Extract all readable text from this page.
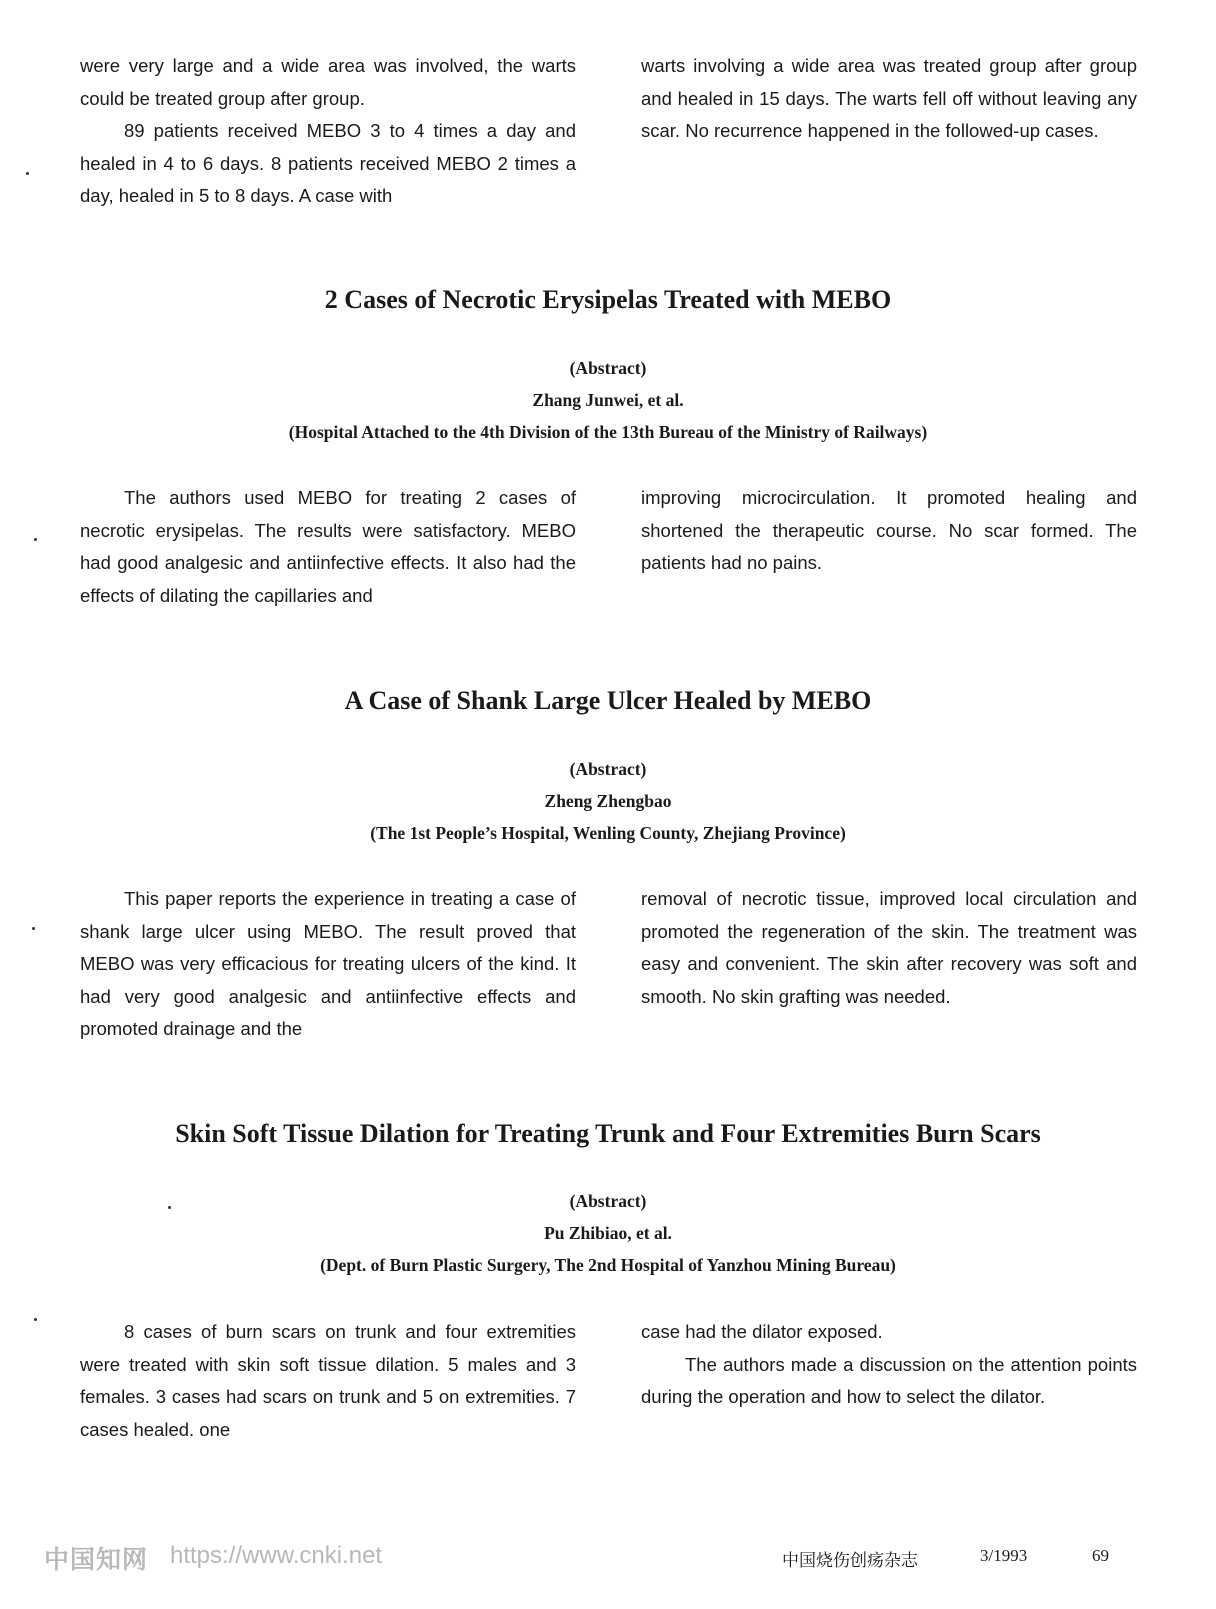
were very large and a wide area was involved, the warts could be treated group after group.

89 patients received MEBO 3 to 4 times a day and healed in 4 to 6 days. 8 patients received MEBO 2 times a day, healed in 5 to 8 days. A case with

warts involving a wide area was treated group after group and healed in 15 days. The warts fell off without leaving any scar. No recurrence happened in the followed-up cases.

2 Cases of Necrotic Erysipelas Treated with MEBO
(Abstract)
Zhang Junwei, et al.
(Hospital Attached to the 4th Division of the 13th Bureau of the Ministry of Railways)

The authors used MEBO for treating 2 cases of necrotic erysipelas. The results were satisfactory. MEBO had good analgesic and antiinfective effects. It also had the effects of dilating the capillaries and

improving microcirculation. It promoted healing and shortened the therapeutic course. No scar formed. The patients had no pains.

A Case of Shank Large Ulcer Healed by MEBO
(Abstract)
Zheng Zhengbao
(The 1st People’s Hospital, Wenling County, Zhejiang Province)

This paper reports the experience in treating a case of shank large ulcer using MEBO. The result proved that MEBO was very efficacious for treating ulcers of the kind. It had very good analgesic and antiinfective effects and promoted drainage and the

removal of necrotic tissue, improved local circulation and promoted the regeneration of the skin. The treatment was easy and convenient. The skin after recovery was soft and smooth. No skin grafting was needed.

Skin Soft Tissue Dilation for Treating Trunk and Four Extremities Burn Scars
(Abstract)
Pu Zhibiao, et al.
(Dept. of Burn Plastic Surgery, The 2nd Hospital of Yanzhou Mining Bureau)

8 cases of burn scars on trunk and four extremities were treated with skin soft tissue dilation. 5 males and 3 females. 3 cases had scars on trunk and 5 on extremities. 7 cases healed. one

case had the dilator exposed.

The authors made a discussion on the attention points during the operation and how to select the dilator.

中国知网 https://www.cnki.net	中国烧伤创疡杂志	3/1993	69
